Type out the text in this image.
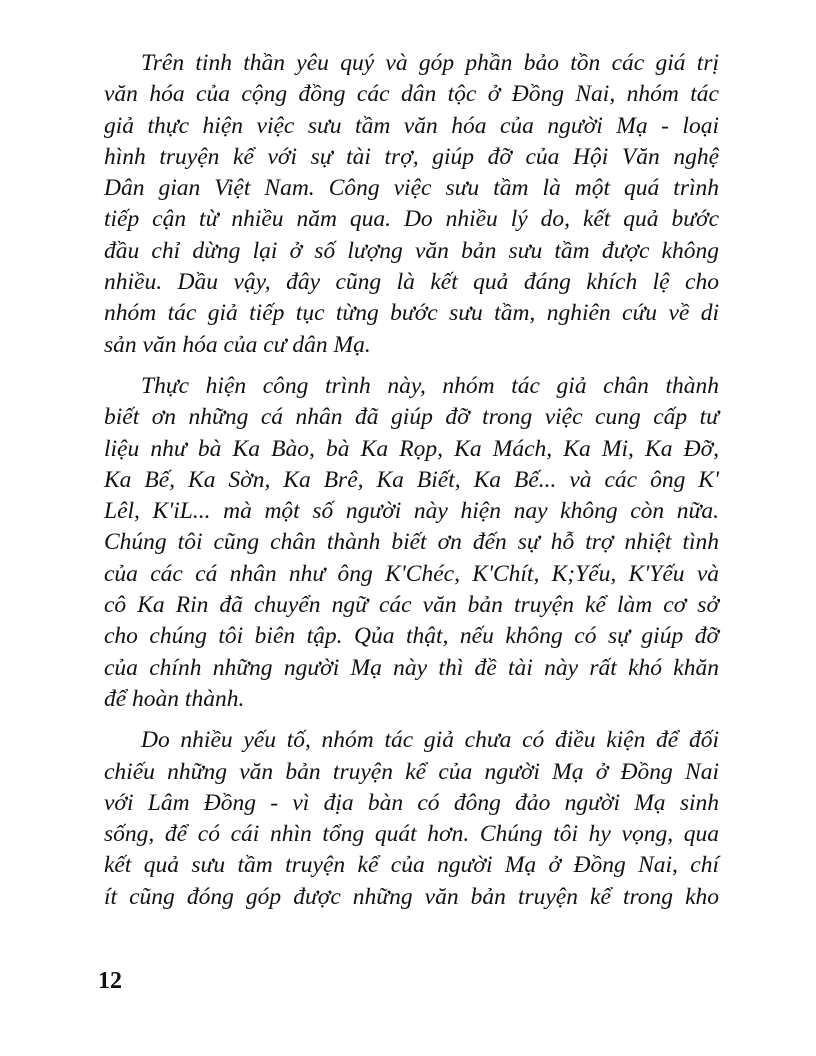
Trên tinh thần yêu quý và góp phần bảo tồn các giá trị
văn hóa của cộng đồng các dân tộc ở Đồng Nai, nhóm tác
giả thực hiện việc sưu tầm văn hóa của người Mạ - loại
hình truyện kể với sự tài trợ, giúp đỡ của Hội Văn nghệ
Dân gian Việt Nam. Công việc sưu tầm là một quá trình
tiếp cận từ nhiều năm qua. Do nhiều lý do, kết quả bước
đầu chỉ dừng lại ở số lượng văn bản sưu tầm được không
nhiều. Dầu vậy, đây cũng là kết quả đáng khích lệ cho
nhóm tác giả tiếp tục từng bước sưu tầm, nghiên cứu về di
sản văn hóa của cư dân Mạ.
Thực hiện công trình này, nhóm tác giả chân thành
biết ơn những cá nhân đã giúp đỡ trong việc cung cấp tư
liệu như bà Ka Bào, bà Ka Rọp, Ka Mách, Ka Mi, Ka Đỡ,
Ka Bế, Ka Sờn, Ka Brê, Ka Biết, Ka Bế... và các ông K'
Lêl, K'iL... mà một số người này hiện nay không còn nữa.
Chúng tôi cũng chân thành biết ơn đến sự hỗ trợ nhiệt tình
của các cá nhân như ông K'Chéc, K'Chít, K;Yếu, K'Yếu và
cô Ka Rin đã chuyển ngữ các văn bản truyện kể làm cơ sở
cho chúng tôi biên tập. Qủa thật, nếu không có sự giúp đỡ
của chính những người Mạ này thì đề tài này rất khó khăn
để hoàn thành.
Do nhiều yếu tố, nhóm tác giả chưa có điều kiện để đối
chiếu những văn bản truyện kể của người Mạ ở Đồng Nai
với Lâm Đồng - vì địa bàn có đông đảo người Mạ sinh
sống, để có cái nhìn tổng quát hơn. Chúng tôi hy vọng, qua
kết quả sưu tầm truyện kể của người Mạ ở Đồng Nai, chí
ít cũng đóng góp được những văn bản truyện kể trong kho
12
